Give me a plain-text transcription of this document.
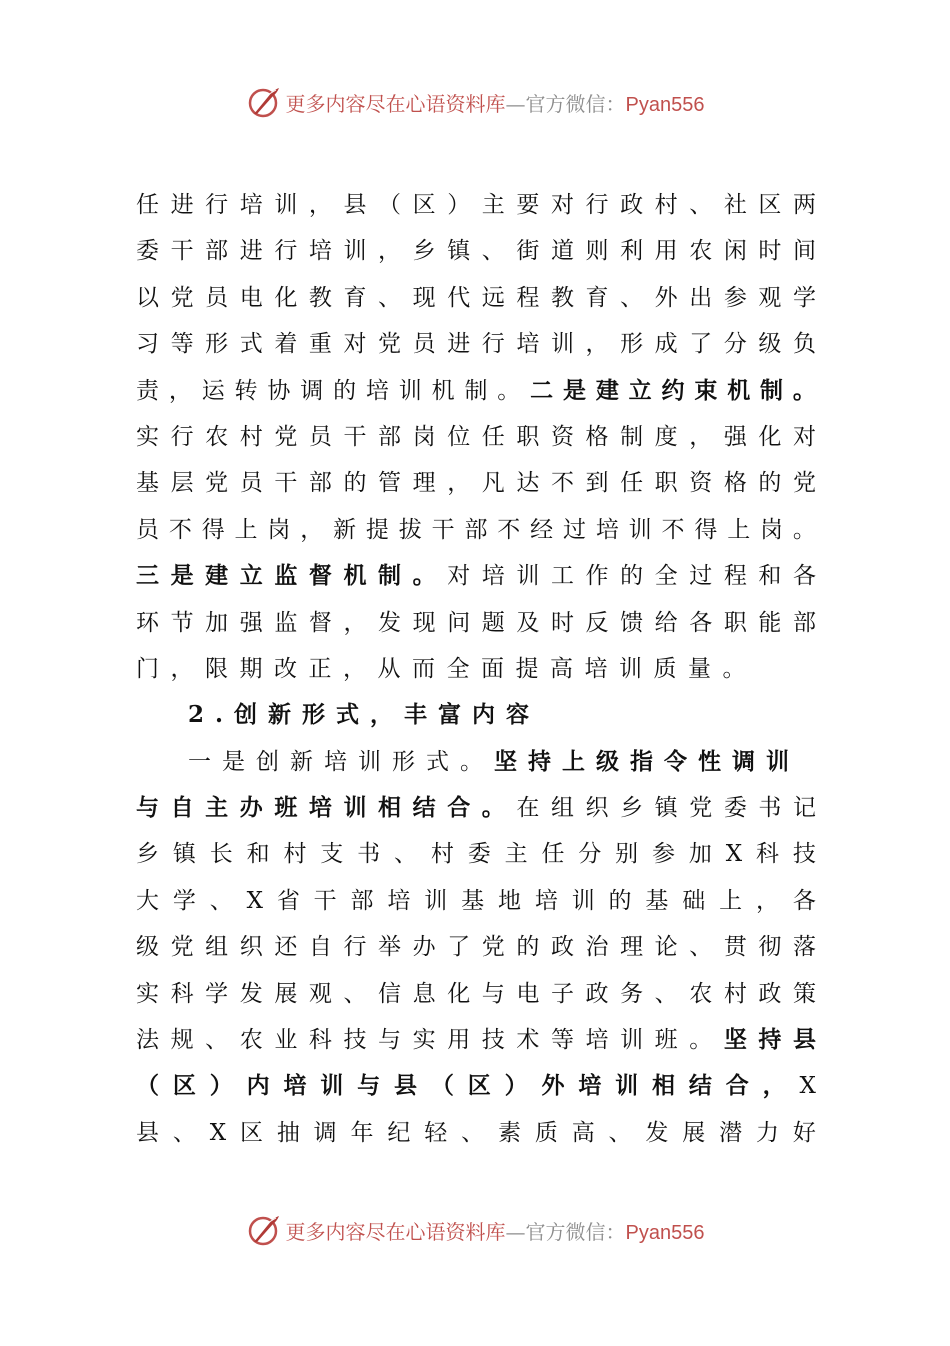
更多内容尽在心语资料库—官方微信：Pyan556
任 进 行 培 训 ， 县 （ 区 ） 主 要 对 行 政 村 、 社 区 两
委 干 部 进 行 培 训 ， 乡 镇 、 街 道 则 利 用 农 闲 时 间
以 党 员 电 化 教 育 、 现 代 远 程 教 育 、 外 出 参 观 学
习 等 形 式 着 重 对 党 员 进 行 培 训 ， 形 成 了 分 级 负
责 ， 运 转 协 调 的 培 训 机 制 。 二 是 建 立 约 束 机 制 。
实 行 农 村 党 员 干 部 岗 位 任 职 资 格 制 度 ， 强 化 对
基 层 党 员 干 部 的 管 理 ， 凡 达 不 到 任 职 资 格 的 党
员 不 得 上 岗 ， 新 提 拔 干 部 不 经 过 培 训 不 得 上 岗 。
三 是 建 立 监 督 机 制 。 对 培 训 工 作 的 全 过 程 和 各
环 节 加 强 监 督 ， 发 现 问 题 及 时 反 馈 给 各 职 能 部
门 ， 限 期 改 正 ， 从 而 全 面 提 高 培 训 质 量 。
2 . 创 新 形 式 ， 丰 富 内 容
一 是 创 新 培 训 形 式 。 坚 持 上 级 指 令 性 调 训
与 自 主 办 班 培 训 相 结 合 。 在 组 织 乡 镇 党 委 书 记
乡 镇 长 和 村 支 书 、 村 委 主 任 分 别 参 加 X 科 技
大 学 、 X 省 干 部 培 训 基 地 培 训 的 基 础 上 ， 各
级 党 组 织 还 自 行 举 办 了 党 的 政 治 理 论 、 贯 彻 落
实 科 学 发 展 观 、 信 息 化 与 电 子 政 务 、 农 村 政 策
法 规 、 农 业 科 技 与 实 用 技 术 等 培 训 班 。 坚 持 县
（ 区 ） 内 培 训 与 县 （ 区 ） 外 培 训 相 结 合 ， X
县 、 X 区 抽 调 年 纪 轻 、 素 质 高 、 发 展 潜 力 好
更多内容尽在心语资料库—官方微信：Pyan556
